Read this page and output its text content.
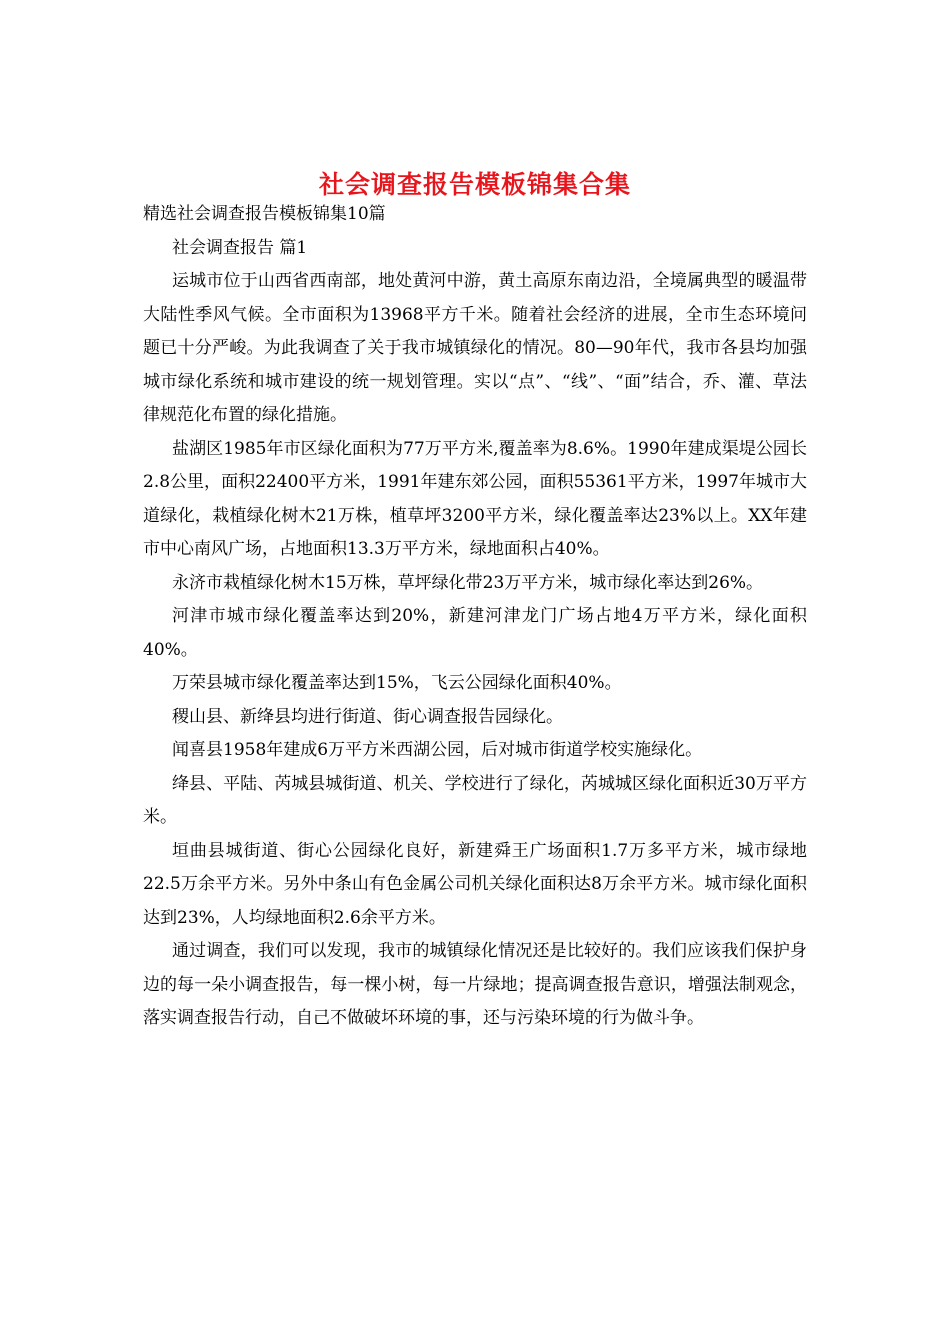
社会调查报告模板锦集合集

精选社会调查报告模板锦集10篇

社会调查报告 篇1

运城市位于山西省西南部，地处黄河中游，黄土高原东南边沿，全境属典型的暖温带大陆性季风气候。全市面积为13968平方千米。随着社会经济的进展，全市生态环境问题已十分严峻。为此我调查了关于我市城镇绿化的情况。80—90年代，我市各县均加强城市绿化系统和城市建设的统一规划管理。实以“点”、“线”、“面”结合，乔、灌、草法律规范化布置的绿化措施。

盐湖区1985年市区绿化面积为77万平方米,覆盖率为8.6%。1990年建成渠堤公园长2.8公里，面积22400平方米，1991年建东郊公园，面积55361平方米，1997年城市大道绿化，栽植绿化树木21万株，植草坪3200平方米，绿化覆盖率达23%以上。XX年建市中心南风广场，占地面积13.3万平方米，绿地面积占40%。

永济市栽植绿化树木15万株，草坪绿化带23万平方米，城市绿化率达到26%。

河津市城市绿化覆盖率达到20%，新建河津龙门广场占地4万平方米，绿化面积40%。

万荣县城市绿化覆盖率达到15%，飞云公园绿化面积40%。

稷山县、新绛县均进行街道、街心调查报告园绿化。

闻喜县1958年建成6万平方米西湖公园，后对城市街道学校实施绿化。

绛县、平陆、芮城县城街道、机关、学校进行了绿化，芮城城区绿化面积近30万平方米。

垣曲县城街道、街心公园绿化良好，新建舜王广场面积1.7万多平方米，城市绿地22.5万余平方米。另外中条山有色金属公司机关绿化面积达8万余平方米。城市绿化面积达到23%，人均绿地面积2.6余平方米。

通过调查，我们可以发现，我市的城镇绿化情况还是比较好的。我们应该我们保护身边的每一朵小调查报告，每一棵小树，每一片绿地；提高调查报告意识，增强法制观念，落实调查报告行动，自己不做破坏环境的事，还与污染环境的行为做斗争。
